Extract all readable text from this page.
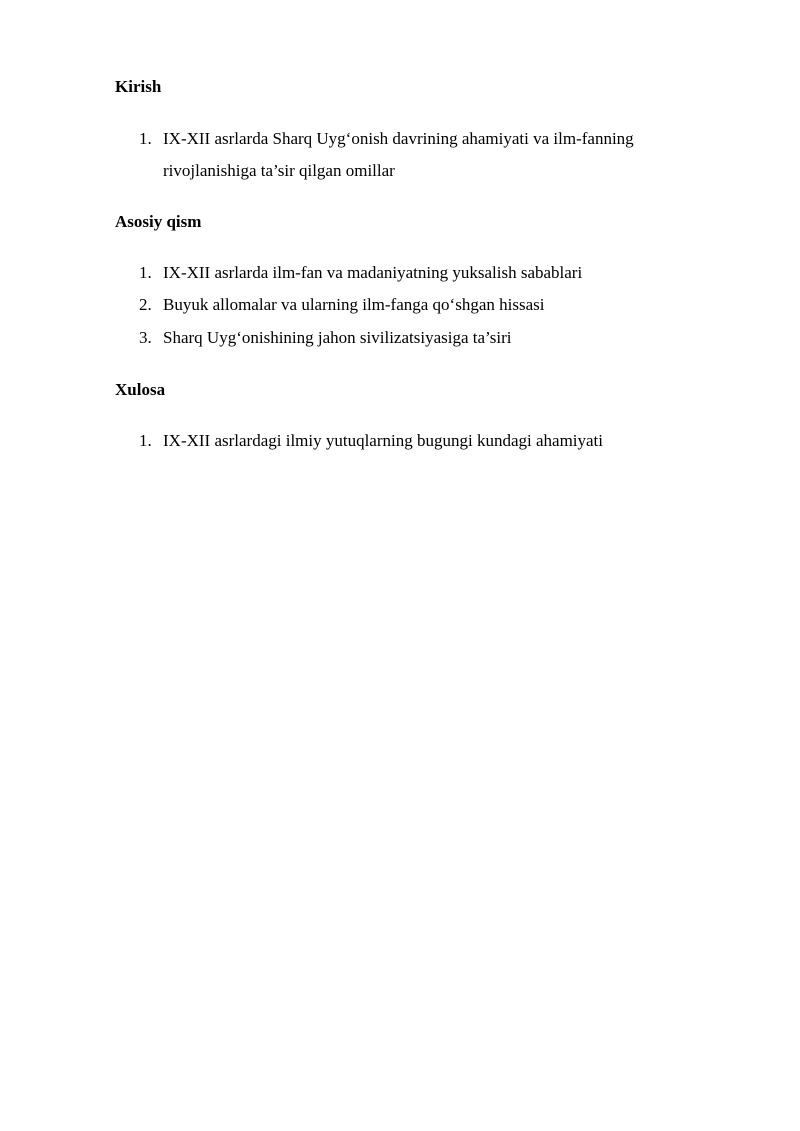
Kirish
1. IX-XII asrlarda Sharq Uyg‘onish davrining ahamiyati va ilm-fanning rivojlanishiga ta’sir qilgan omillar
Asosiy qism
1. IX-XII asrlarda ilm-fan va madaniyatning yuksalish sabablari
2. Buyuk allomalar va ularning ilm-fanga qo‘shgan hissasi
3. Sharq Uyg‘onishining jahon sivilizatsiyasiga ta’siri
Xulosa
1. IX-XII asrlardagi ilmiy yutuqlarning bugungi kundagi ahamiyati
